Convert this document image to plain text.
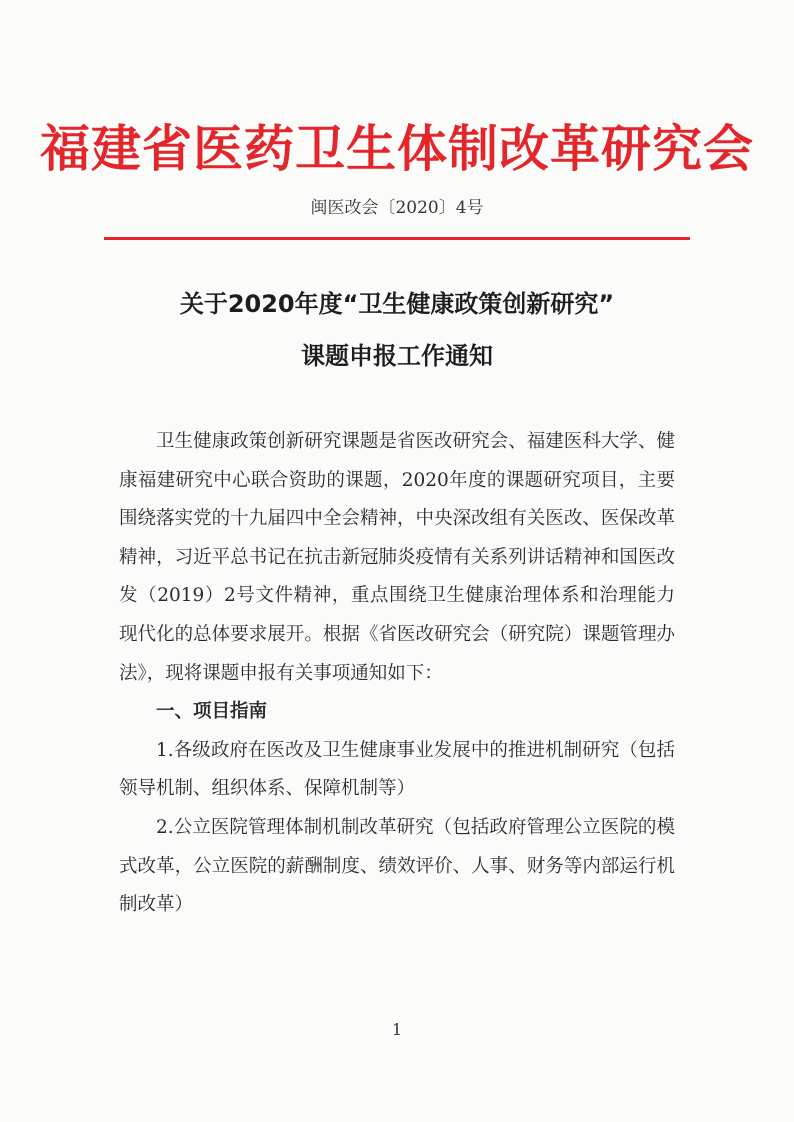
福建省医药卫生体制改革研究会
闽医改会〔2020〕4号
关于2020年度“卫生健康政策创新研究”
课题申报工作通知

卫生健康政策创新研究课题是省医改研究会、福建医科大学、健康福建研究中心联合资助的课题，2020年度的课题研究项目，主要围绕落实党的十九届四中全会精神，中央深改组有关医改、医保改革精神，习近平总书记在抗击新冠肺炎疫情有关系列讲话精神和国医改发（2019）2号文件精神，重点围绕卫生健康治理体系和治理能力现代化的总体要求展开。根据《省医改研究会（研究院）课题管理办法》，现将课题申报有关事项通知如下：

一、项目指南

1.各级政府在医改及卫生健康事业发展中的推进机制研究（包括领导机制、组织体系、保障机制等）

2.公立医院管理体制机制改革研究（包括政府管理公立医院的模式改革，公立医院的薪酬制度、绩效评价、人事、财务等内部运行机制改革）

1
